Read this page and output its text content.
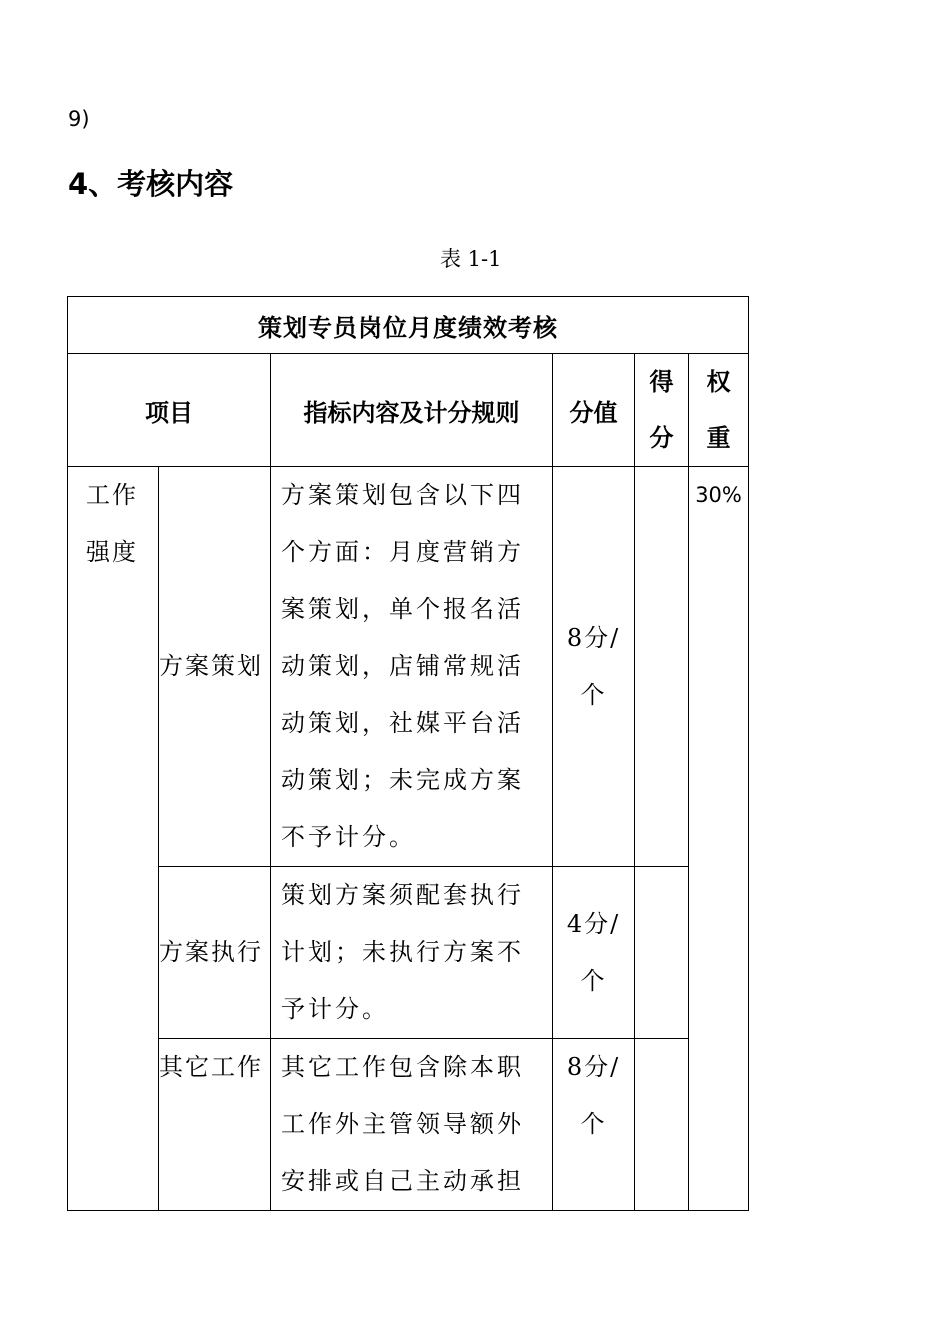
9)
4、考核内容
表 1-1
策划专员岗位月度绩效考核					
项目		指标内容及计分规则	分值	得分	权重
工作强度	方案策划	方案策划包含以下四个方面：月度营销方案策划，单个报名活动策划，店铺常规活动策划，社媒平台活动策划；未完成方案不予计分。	8分/个		30%
	方案执行	策划方案须配套执行计划；未执行方案不予计分。	4分/个		
	其它工作	其它工作包含除本职工作外主管领导额外安排或自己主动承担	8分/个		
